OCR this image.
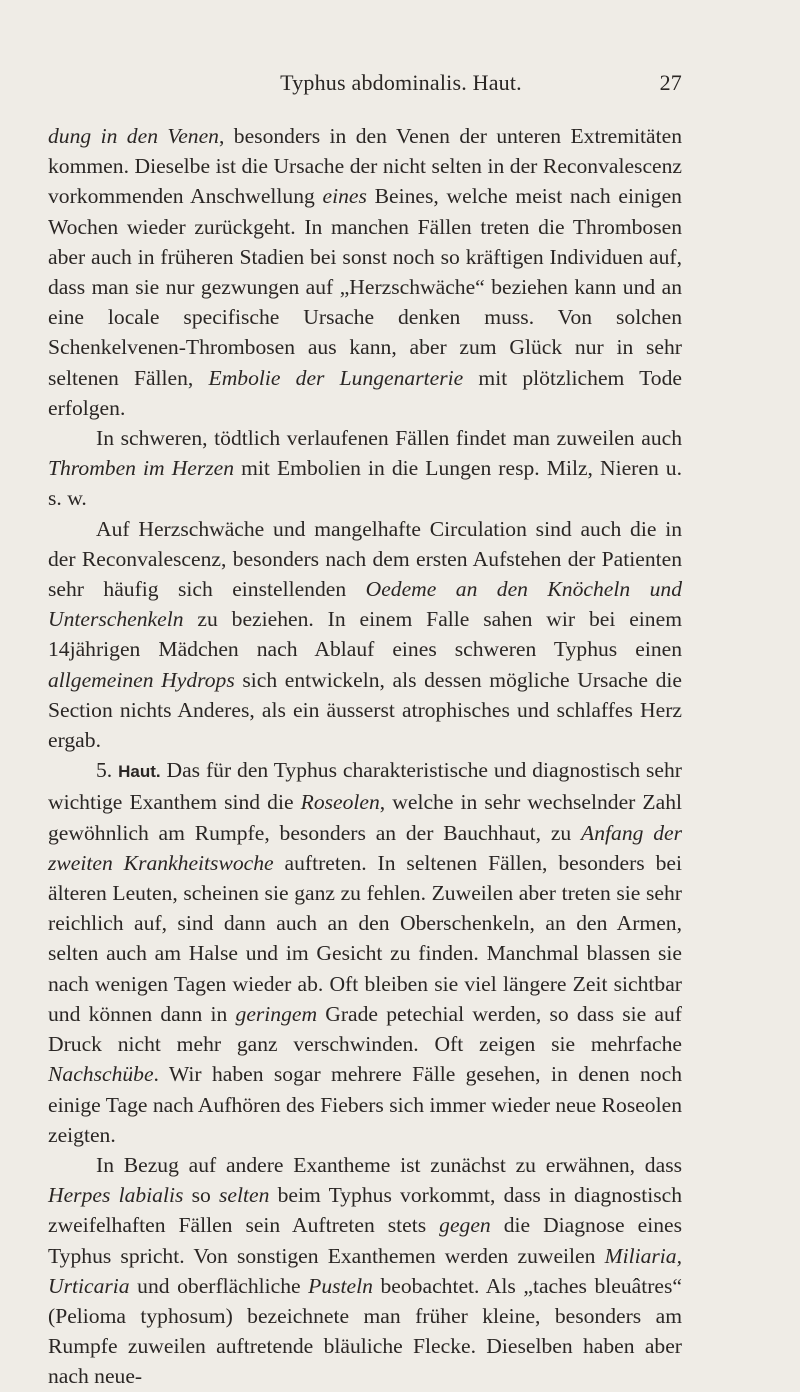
Typhus abdominalis. Haut.	27

dung in den Venen, besonders in den Venen der unteren Extremitäten kommen. Dieselbe ist die Ursache der nicht selten in der Reconvalescenz vorkommenden Anschwellung eines Beines, welche meist nach einigen Wochen wieder zurückgeht. In manchen Fällen treten die Thrombosen aber auch in früheren Stadien bei sonst noch so kräftigen Individuen auf, dass man sie nur gezwungen auf „Herzschwäche“ beziehen kann und an eine locale specifische Ursache denken muss. Von solchen Schenkelvenen-Thrombosen aus kann, aber zum Glück nur in sehr seltenen Fällen, Embolie der Lungenarterie mit plötzlichem Tode erfolgen.

In schweren, tödtlich verlaufenen Fällen findet man zuweilen auch Thromben im Herzen mit Embolien in die Lungen resp. Milz, Nieren u. s. w.

Auf Herzschwäche und mangelhafte Circulation sind auch die in der Reconvalescenz, besonders nach dem ersten Aufstehen der Patienten sehr häufig sich einstellenden Oedeme an den Knöcheln und Unterschenkeln zu beziehen. In einem Falle sahen wir bei einem 14jährigen Mädchen nach Ablauf eines schweren Typhus einen allgemeinen Hydrops sich entwickeln, als dessen mögliche Ursache die Section nichts Anderes, als ein äusserst atrophisches und schlaffes Herz ergab.

5. Haut. Das für den Typhus charakteristische und diagnostisch sehr wichtige Exanthem sind die Roseolen, welche in sehr wechselnder Zahl gewöhnlich am Rumpfe, besonders an der Bauchhaut, zu Anfang der zweiten Krankheitswoche auftreten. In seltenen Fällen, besonders bei älteren Leuten, scheinen sie ganz zu fehlen. Zuweilen aber treten sie sehr reichlich auf, sind dann auch an den Oberschenkeln, an den Armen, selten auch am Halse und im Gesicht zu finden. Manchmal blassen sie nach wenigen Tagen wieder ab. Oft bleiben sie viel längere Zeit sichtbar und können dann in geringem Grade petechial werden, so dass sie auf Druck nicht mehr ganz verschwinden. Oft zeigen sie mehrfache Nachschübe. Wir haben sogar mehrere Fälle gesehen, in denen noch einige Tage nach Aufhören des Fiebers sich immer wieder neue Roseolen zeigten.

In Bezug auf andere Exantheme ist zunächst zu erwähnen, dass Herpes labialis so selten beim Typhus vorkommt, dass in diagnostisch zweifelhaften Fällen sein Auftreten stets gegen die Diagnose eines Typhus spricht. Von sonstigen Exanthemen werden zuweilen Miliaria, Urticaria und oberflächliche Pusteln beobachtet. Als „taches bleuâtres“ (Pelioma typhosum) bezeichnete man früher kleine, besonders am Rumpfe zuweilen auftretende bläuliche Flecke. Dieselben haben aber nach neue-
